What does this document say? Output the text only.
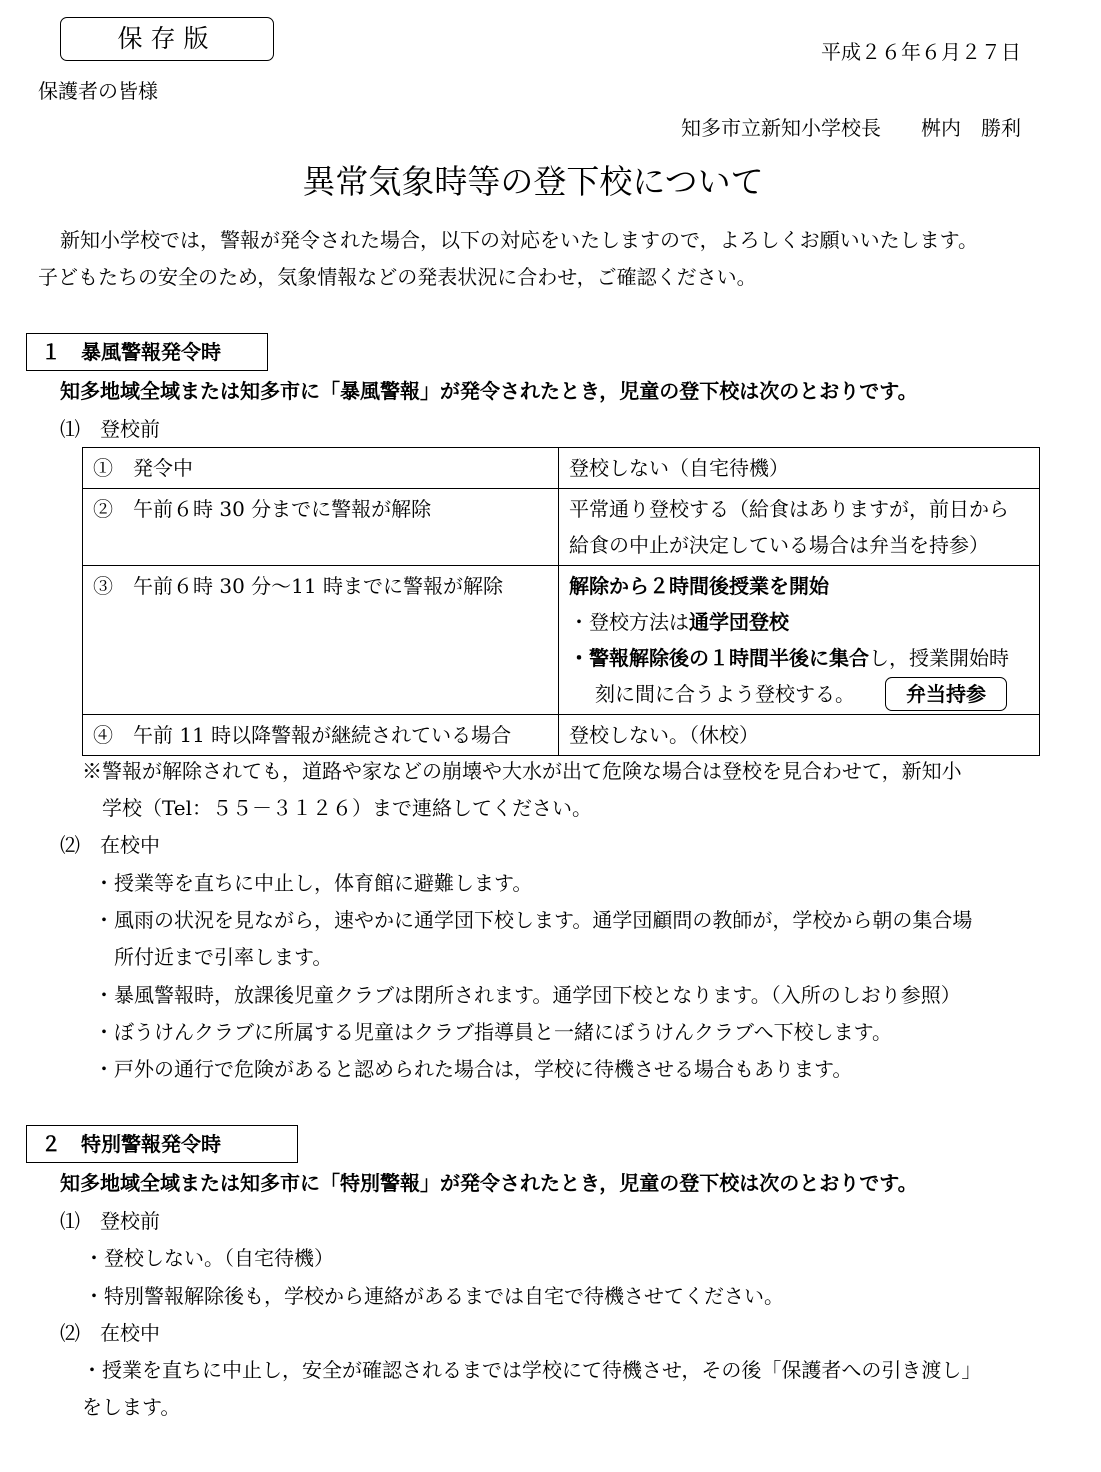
保存版	平成２６年６月２７日
保護者の皆様
知多市立新知小学校長　　桝内　勝利
異常気象時等の登下校について
新知小学校では，警報が発令された場合，以下の対応をいたしますので，よろしくお願いいたします。
子どもたちの安全のため，気象情報などの発表状況に合わせ，ご確認ください。
１　暴風警報発令時
知多地域全域または知多市に「暴風警報」が発令されたとき，児童の登下校は次のとおりです。
⑴　登校前
①　発令中	登校しない（自宅待機）
②　午前６時 30 分までに警報が解除	平常通り登校する（給食はありますが，前日から
給食の中止が決定している場合は弁当を持参）

③　午前６時 30 分～11 時までに警報が解除	解除から２時間後授業を開始
・登校方法は通学団登校
・警報解除後の１時間半後に集合し，授業開始時
刻に間に合うよう登校する。 弁当持参

④　午前 11 時以降警報が継続されている場合	登校しない。（休校）
※警報が解除されても，道路や家などの崩壊や大水が出て危険な場合は登校を見合わせて，新知小
学校（Tel：５５－３１２６）まで連絡してください。
⑵　在校中
・授業等を直ちに中止し，体育館に避難します。
・風雨の状況を見ながら，速やかに通学団下校します。通学団顧問の教師が，学校から朝の集合場
所付近まで引率します。
・暴風警報時，放課後児童クラブは閉所されます。通学団下校となります。（入所のしおり参照）
・ぼうけんクラブに所属する児童はクラブ指導員と一緒にぼうけんクラブへ下校します。
・戸外の通行で危険があると認められた場合は，学校に待機させる場合もあります。
２　特別警報発令時
知多地域全域または知多市に「特別警報」が発令されたとき，児童の登下校は次のとおりです。
⑴　登校前
・登校しない。（自宅待機）
・特別警報解除後も，学校から連絡があるまでは自宅で待機させてください。
⑵　在校中
・授業を直ちに中止し，安全が確認されるまでは学校にて待機させ，その後「保護者への引き渡し」
をします。
